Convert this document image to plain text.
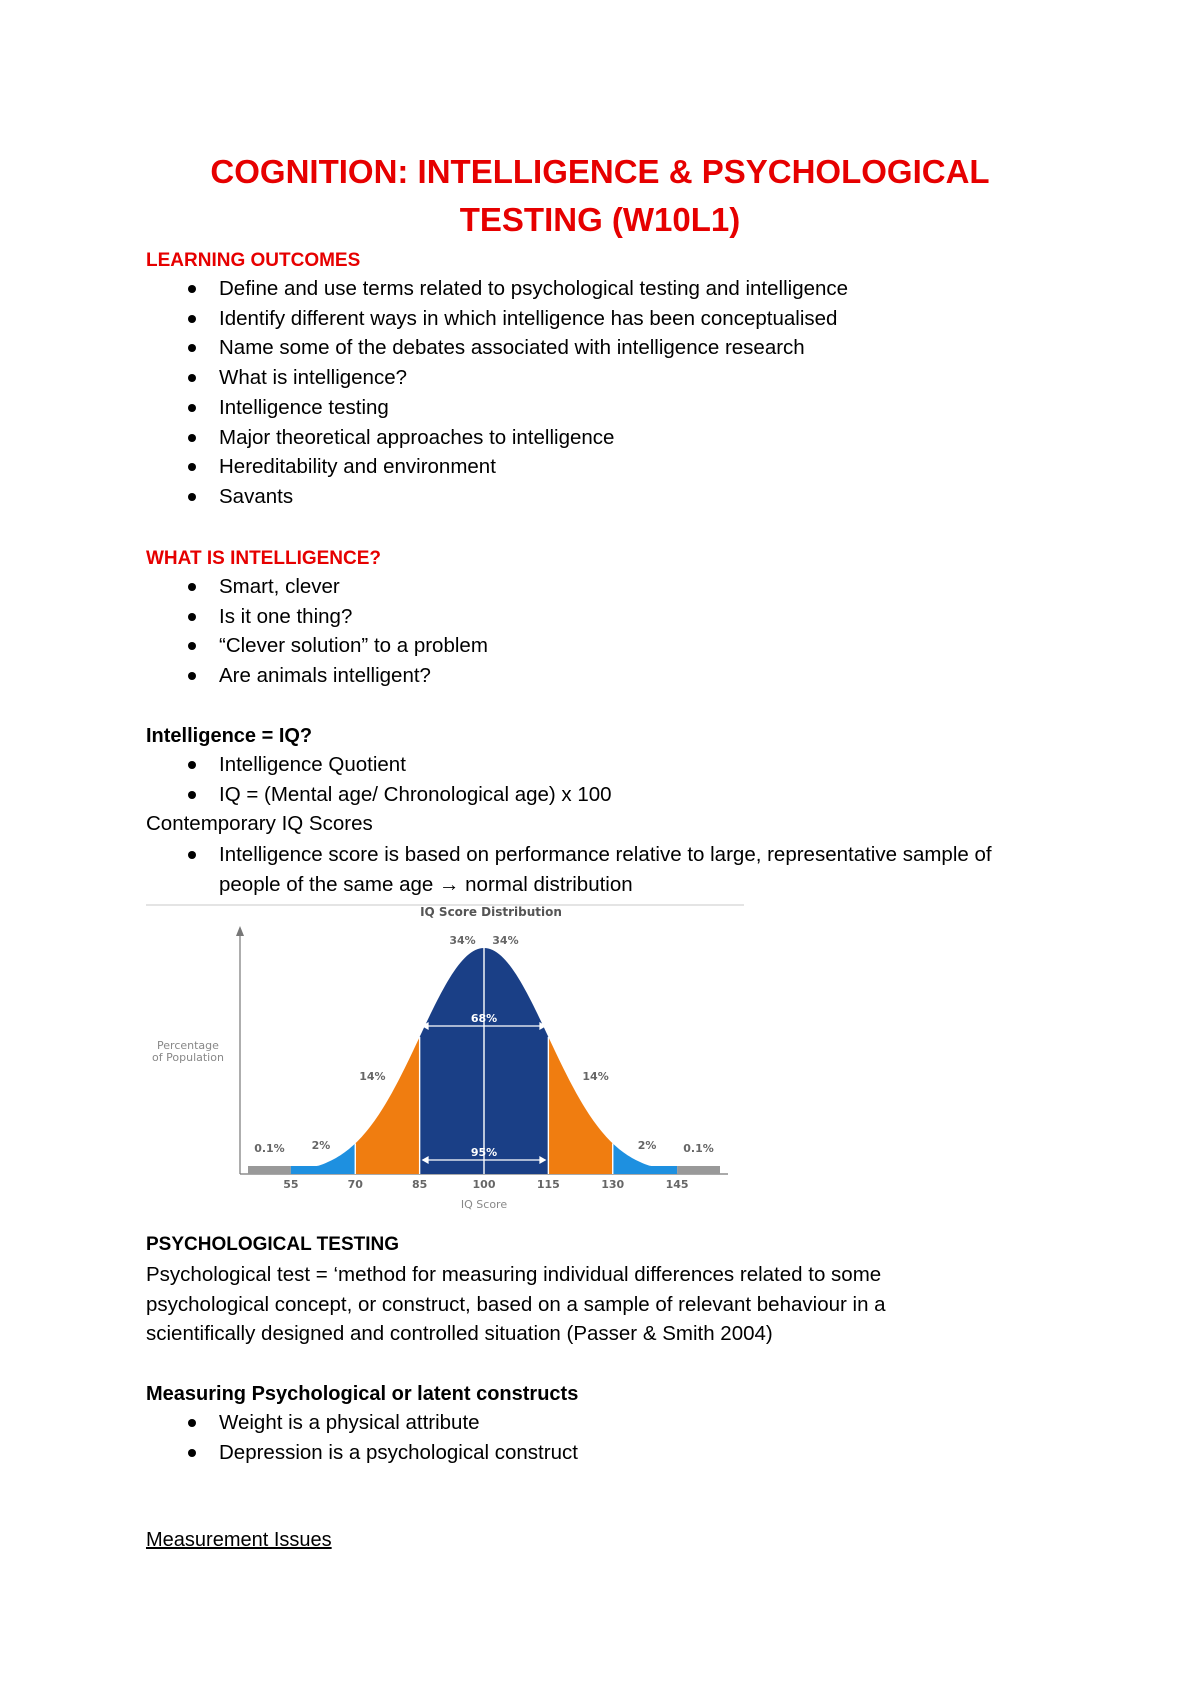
COGNITION: INTELLIGENCE & PSYCHOLOGICAL
TESTING (W10L1)
LEARNING OUTCOMES
Define and use terms related to psychological testing and intelligence
Identify different ways in which intelligence has been conceptualised
Name some of the debates associated with intelligence research
What is intelligence?
Intelligence testing
Major theoretical approaches to intelligence
Hereditability and environment
Savants
WHAT IS INTELLIGENCE?
Smart, clever
Is it one thing?
“Clever solution” to a problem
Are animals intelligent?
Intelligence = IQ?
Intelligence Quotient
IQ = (Mental age/ Chronological age) x 100
Contemporary IQ Scores
Intelligence score is based on performance relative to large, representative sample of
people of the same age → normal distribution
IQ Score Distribution
Percentage
of Population
68%
95%
0.1% 2%
14%
34% 34%
14%
2% 0.1%
55	70	85	100	115	130	145
IQ Score
PSYCHOLOGICAL TESTING
Psychological test = ‘method for measuring individual differences related to some
psychological concept, or construct, based on a sample of relevant behaviour in a
scientifically designed and controlled situation (Passer & Smith 2004)
Measuring Psychological or latent constructs
Weight is a physical attribute
Depression is a psychological construct
Measurement Issues
